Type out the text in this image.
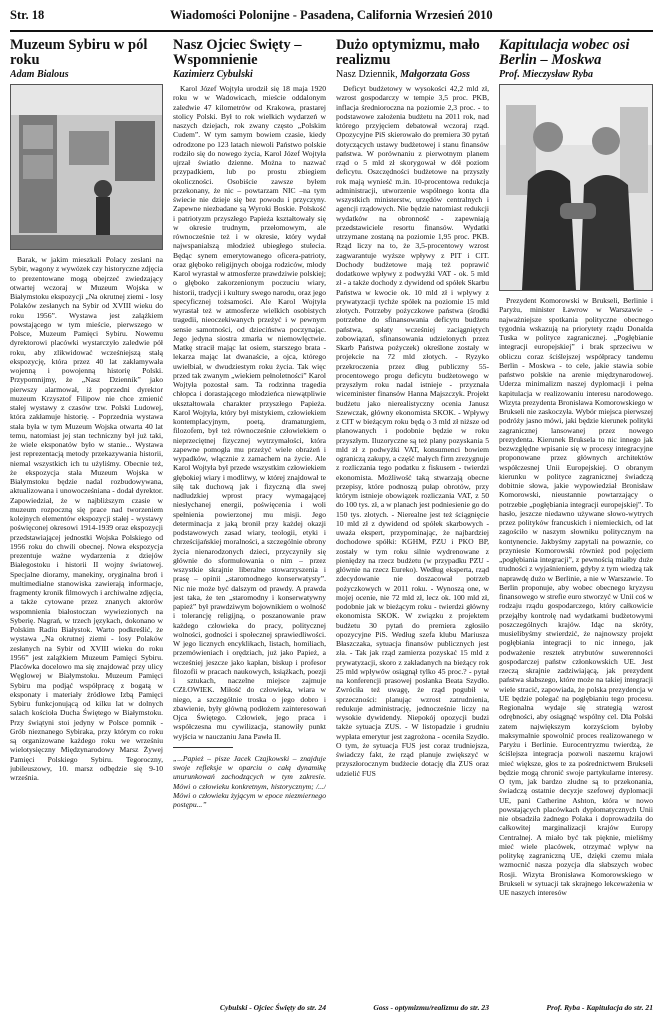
Str. 18	Wiadomości Polonijne - Pasadena, California Wrzesień 2010
Muzeum Sybiru w pól roku
Adam Bialous

Barak, w jakim mieszkali Polacy zesłani na Sybir, wagony z wywózek czy historyczne zdjęcia to prezentowane mogą obejrzeć zwiedzający otwartej wczoraj w Muzeum Wojska w Białymstoku ekspozycji „Na okrutnej ziemi - losy Polaków zesłanych na Sybir od XVIII wieku do roku 1956”. Wystawa jest zalążkiem powstającego w tym mieście, pierwszego w Polsce, Muzeum Pamięci Sybiru. Nowemu dyrektorowi placówki wystarczyło zaledwie pół roku, aby zlikwidować wcześniejszą stałą ekspozycję, która przez 40 lat zakłamywała wojenną i powojenną historię Polski. Przypomnijmy, że „Nasz Dziennik” jako pierwszy alarmował, iż poprzedni dyrektor muzeum Krzysztof Filipow nie chce zmienić stałej wystawy z czasów tzw. Polski Ludowej, która zakłamuje historię. - Poprzednia wystawa stała była w tym Muzeum Wojska otwarta 40 lat temu, natomiast jej stan techniczny był już taki, że wiele eksponatów było w stanie... Wystawa jest reprezentacją metody przekazywania historii, niemal wszystkich ich tu użyliśmy. Obecnie też, że ekspozycja stała Muzeum Wojska w Białymstoku będzie nadal rozbudowywana, aktualizowana i unowocześniana - dodał dyrektor. Zapowiedział, że w najbliższym czasie w muzeum rozpoczną się prace nad tworzeniem kolejnych elementów ekspozycji stałej - wystawy poświęconej okresowi 1914-1939 oraz ekspozycji przedstawiającej jednostki Wojska Polskiego od 1956 roku do chwili obecnej. Nowa ekspozycja prezentuje ważne wydarzenia z dziejów Białegostoku i historii II wojny światowej. Specjalne dioramy, manekiny, oryginalna broń i multimedialne stanowiska zawierają informacje, fragmenty kronik filmowych i archiwalne zdjęcia, a także cytowane przez znanych aktorów wspomnienia białostoczan wywiezionych na Syberię. Nagrań, w trzech językach, dokonano w Polskim Radiu Białystok. Warto podkreślić, że wystawa „Na okrutnej ziemi - losy Polaków zesłanych na Sybir od XVIII wieku do roku 1956” jest zalążkiem Muzeum Pamięci Sybiru. Placówka docelowo ma się znajdować przy ulicy Węglowej w Białymstoku. Muzeum Pamięci Sybiru ma podjąć współpracę z bogatą w eksponaty i materiały źródłowe Izbą Pamięci Sybiru funkcjonującą od kilku lat w dolnych salach kościoła Ducha Świętego w Białymstoku. Przy świątyni stoi jedyny w Polsce pomnik - Grób nieznanego Sybiraka, przy którym co roku są organizowane każdego roku we wrześniu wielotysięczny Międzynarodowy Marsz Żywej Pamięci Polskiego Sybiru. Tegoroczny, jubileuszowy, 10. marsz odbędzie się 9-10 września.

Nasz Ojciec Święty – Wspomnienie
Kazimierz Cybulski

Karol Józef Wojtyła urodził się 18 maja 1920 roku w w Wadowicach, mieście oddalonym zaledwie 47 kilometrów od Krakowa, prastarej stolicy Polski. Był to rok wielkich wydarzeń w naszych dziejach, rok zwany często „Polskim Cudem”. W tym samym bowiem czasie, kiedy odrodzone po 123 latach niewoli Państwo polskie rodziło się do nowego życia, Karol Józef Wojtyła ujrzał światło dzienne. Można to nazwać przypadkiem, lub po prostu zbiegiem okoliczności. Osobiście zawsze byłem przekonany, że nic – powtarzam NIC –na tym świecie nie dzieje się bez powodu i przyczyny. Zapewne niezbadane są Wyroki Boskie. Polskość i patriotyzm przyszłego Papieża kształtowały się w okresie trudnym, przełomowym, ale równocześnie też i w okresie, który wydał najwspanialszą młodzież ubiegłego stulecia. Będąc synem emerytowanego oficera-patrioty, oraz głęboko religijnych obojga rodziców, młody Karol wyrastał w atmosferze prawdziwie polskiej; o głęboko zakorzenionym poczuciu wiary, historii, tradycji i kultury swego narodu, oraz jego specyficznej tożsamości. Ale Karol Wojtyła wyrastał też w atmosferze wielkich osobistych tragedii, nieoczekiwanych przeżyć i w pewnym sensie samotności, od dzieciństwa poczynając. Jego jedyna siostra zmarła w niemowlęctwie. Matkę stracił mając lat osiem, starszego brata - lekarza mając lat dwanaście, a ojca, którego uwielbiał, w dwudziestym roku życia. Tak więc przed tak zwanym „wiekiem pełnoletności” Karol Wojtyła pozostał sam. Ta rodzinna tragedia chłopca i dorastającego młodzieńca niewątpliwie ukształtowała charakter przyszłego Papieża. Karol Wojtyła, który był mistykiem, człowiekiem kontemplacyjnym, poetą, dramaturgiem, filozofem, był też równocześnie człowiekiem o nieprzeciętnej fizycznej wytrzymałości, która zapewne pomogła mu przeżyć wiele obrażeń i wypadków, włącznie z zamachem na życie. Ale Karol Wojtyła był przede wszystkim człowiekiem głębokiej wiary i modlitwy, w której znajdował te siłę tak duchową jak i fizyczną dla swej nadludzkiej wprost pracy wymagającej niesłychanej energii, poświęcenia i woli spełnienia powierzonej mu misji. Jego determinacja z jaką bronił przy każdej okazji podstawowych zasad wiary, teologii, etyki i chrześcijańskiej moralności, a szczególnie obrony życia nienarodzonych dzieci, przyczyniły się głównie do sformułowania o nim – przez wszystkie skrajnie liberalne stowarzyszenia i prasę – opinii „staromodnego konserwatysty”. Nic nie może być dalszym od prawdy. A prawda jest taka, że ten „staromodny i konserwatywny papież” był prawdziwym bojownikiem o wolność i tolerancję religijną, o poszanowanie praw każdego człowieka do pracy, politycznej wolności, godności i społecznej sprawiedliwości. W jego licznych encyklikach, listach, homiliach, przemówieniach i orędziach, już jako Papież, a wcześniej jeszcze jako kapłan, biskup i profesor filozofii w pracach naukowych, książkach, poezji i sztukach, naczelne miejsce zajmuje CZŁOWIEK. Miłość do człowieka, wiara w niego, a szczególnie troska o jego dobro i zbawienie, były główną podłożem zainteresowań Ojca Świętego. Człowiek, jego praca i współczesna mu cywilizacja, stanowiły punkt wyjścia w nauczaniu Jana Pawła II.

„...Papież – pisze Jacek Czajkowski – znajduje swoje refleksje w oparciu o całą dynamikę unurunkowań zachodzących w tym zakresie. Mówi o człowieku konkretnym, historycznym; /.../ Mówi o człowieku żyjącym w epoce niezmiernego postępu...”
Cybulski - Ojciec Święty do str. 24
Dużo optymizmu, mało realizmu
Nasz Dziennik, Małgorzata Goss

Deficyt budżetowy w wysokości 42,2 mld zł, wzrost gospodarczy w tempie 3,5 proc. PKB, inflacja średnioroczna na poziomie 2,3 proc. - to podstawowe założenia budżetu na 2011 rok, nad którego przyjęciem debatował wczoraj rząd. Opozycyjne PiS skierowało do premiera 30 pytań dotyczących ustawy budżetowej i stanu finansów państwa. W porównaniu z pierwotnym planem rząd o 5 mld zł skorygował w dół poziom deficytu. Oszczędności budżetowe na przyszły rok mają wynieść m.in. 10-procentowa redukcja administracji, utworzenie wspólnego konta dla wszystkich ministerstw, urzędów centralnych i agencji rządowych. Nie będzie natomiast redukcji wydatków na obronność - zapewniają przedstawiciele resortu finansów. Wydatki utrzymane zostaną na poziomie 1,95 proc. PKB. Rząd liczy na to, że 3,5-procentowy wzrost zagwarantuje wyższe wpływy z PIT i CIT. Dochody budżetowe mają też poprawić dodatkowe wpływy z podwyżki VAT - ok. 5 mld zł - a także dochody z dywidend od spółek Skarbu Państwa w kwocie ok. 10 mld zł i wpływy z prywatyzacji tychże spółek na poziomie 15 mld złotych. Potrzeby pożyczkowe państwa (środki potrzebne do sfinansowania deficytu budżetu państwa, spłaty wcześniej zaciągniętych zobowiązań, sfinansowania udzielonych przez Skarb Państwa pożyczek) określone zostały w projekcie na 72 mld złotych. - Ryzyko przekroczenia przez dług publiczny 55-procentowego progu deficytu budżetowego w przyszłym roku nadal istnieje - przyznała wiceminister finansów Hanna Majszczyk. Projekt budżetu jako nierealistyczny ocenia Janusz Szewczak, główny ekonomista SKOK. - Wpływy z CIT w bieżącym roku będą o 3 mld zł niższe od planowanych i podobnie będzie w roku przyszłym. Iluzoryczne są też plany pozyskania 5 mld zł z podwyżki VAT, konsumenci bowiem ograniczą zakupy, a część małych firm zrezygnuje z rozliczania tego podatku z fiskusem - twierdzi ekonomista. Możliwość taką stwarzają obecne przepisy, które podnoszą pułap obrotów, przy którym istnieje obowiązek rozliczania VAT, z 50 do 100 tys. zł, a w planach jest podniesienie go do 150 tys. złotych. - Nierealne jest też ściągnięcie 10 mld zł z dywidend od spółek skarbowych - uważa ekspert, przypominając, że najbardziej dochodowe spółki: KGHM, PZU i PKO BP, zostały w tym roku silnie wydrenowane z pieniędzy na rzecz budżetu (w przypadku PZU - głównie na rzecz Eureko). Według eksperta, rząd zdecydowanie nie doszacował potrzeb pożyczkowych w 2011 roku. - Wynoszą one, w mojej ocenie, nie 72 mld zł, lecz ok. 100 mld zł, podobnie jak w bieżącym roku - twierdzi główny ekonomista SKOK. W związku z projektem budżetu 30 pytań do premiera zgłosiło opozycyjne PiS. Według szefa klubu Mariusza Błaszczaka, sytuacja finansów publicznych jest zła. - Tak jak rząd zamierza pozyskać 15 mld z prywatyzacji, skoro z zakładanych na bieżący rok 25 mld wpływów osiągnął tylko 45 proc.? - pytał na konferencji prasowej posłanka Beata Szydło. Zwróciła też uwagę, że rząd pogubił w sprzeczności: planując wzrost zatrudnienia, redukuje administrację, jednocześnie liczy na wysokie dywidendy. Niepokój opozycji budzi także sytuacja ZUS. - W listopadzie i grudniu wypłata emerytur jest zagrożona - oceniła Szydło. O tym, że sytuacja FUS jest coraz trudniejsza, świadczy fakt, że rząd planuje zwiększyć w przyszłorocznym budżecie dotację dla ZUS oraz udzielić FUS

Goss - optymizmu/realizmu do str. 23
Kapitulacja wobec osi Berlin – Moskwa
Prof. Mieczysław Ryba

Prezydent Komorowski w Brukseli, Berlinie i Paryżu, minister Ławrow w Warszawie - najważniejsze spotkania polityczne obecnego tygodnia wskazują na priorytety rządu Donalda Tuska w polityce zagranicznej. „Pogłębianie integracji europejskiej” i brak sprzeciwu w obliczu coraz ściślejszej współpracy tandemu Berlin - Moskwa - to cele, jakie stawia sobie państwo polskie na arenie międzynarodowej. Uderza minimalizm naszej dyplomacji i pełna kapitulacja w realizowaniu interesu narodowego. Wizyta prezydenta Bronisława Komorowskiego w Brukseli nie zaskoczyła. Wybór miejsca pierwszej podróży jasno mówi, jaki będzie kierunek polityki zagranicznej lansowanej przez nowego prezydenta. Kierunek Bruksela to nic innego jak bezwzględne wpisanie się w procesy integracyjne proponowane przez głównych architektów współczesnej Unii Europejskiej. O obranym kierunku w polityce zagranicznej świadczą dobitnie słowa, jakie wypowiedział Bronisław Komorowski, nieustannie powtarzający o potrzebie „pogłębiania integracji europejskiej”. To hasło, jeszcze niedawno używane słowo-wytrych przez polityków francuskich i niemieckich, od lat zagościło w naszym słowniku politycznym na kontynencie. Jakbyśmy zapytali na powaznie, co przyniesie Komorowski również pod pojęciem „pogłębiania integracji”, z pewnością miałby duże trudności z wyjaśnieniem, gdyby z tym wiedzą tak naprawdę dużo w Berlinie, a nie w Warszawie. To Berlin proponuje, aby wobec obecnego kryzysu finansowego w strefie euro stworzyć w Unii coś w rodzaju rządu gospodarczego, który całkowicie przejąłby kontrolę nad wydatkami budżetowymi poszczególnych krajów. Idąc na skróty, musielibyśmy stwierdzić, że najnowszy projekt pogłębiania integracji to nic innego, jak podważenie resztek atrybutów suwerenności gospodarczej państw członkowskich UE. Jest rzeczą skrajnie zadziwiającą, jak prezydent państwa słabszego, które może na takiej integracji wiele stracić, zapowiada, że polska prezydencja w UE będzie polegać na pogłębianiu tego procesu. Regionalna wydaje się strategią wzrost odrębności, aby osiągnąć wspólny cel. Dla Polski zatem największym korzyściom byłoby maksymalnie spowolnić proces realizowanego w Paryżu i Berlinie. Eurocentryzmu twierdzą, że ściślejsza integracja pozwoli naszemu krajowi mieć większe, głos te za pośrednictwem Brukseli będzie mogą chronić swoje partykularne interesy. O tym, jak bardzo złudne są to przekonania, świadczą ostatnie decyzje szefowej dyplomacji UE, pani Catherine Ashton, która w nowo powstających placówkach dyplomatycznych Unii nie obsadziła żadnego Polaka i doprowadziła do całkowitej marginalizacji krajów Europy Centralnej. A miało być tak pięknie, mieliśmy mieć wiele placówek, otrzymać wpływ na politykę zagraniczną UE, dzięki czemu miała wzmocnić nasza pozycja dla słabszych wobec Rosji. Wizyta Bronisława Komorowskiego w Brukseli w sytuacji tak skrajnego lekceważenia w UE naszych interesów

Prof. Ryba - Kapitulacja do str. 21
